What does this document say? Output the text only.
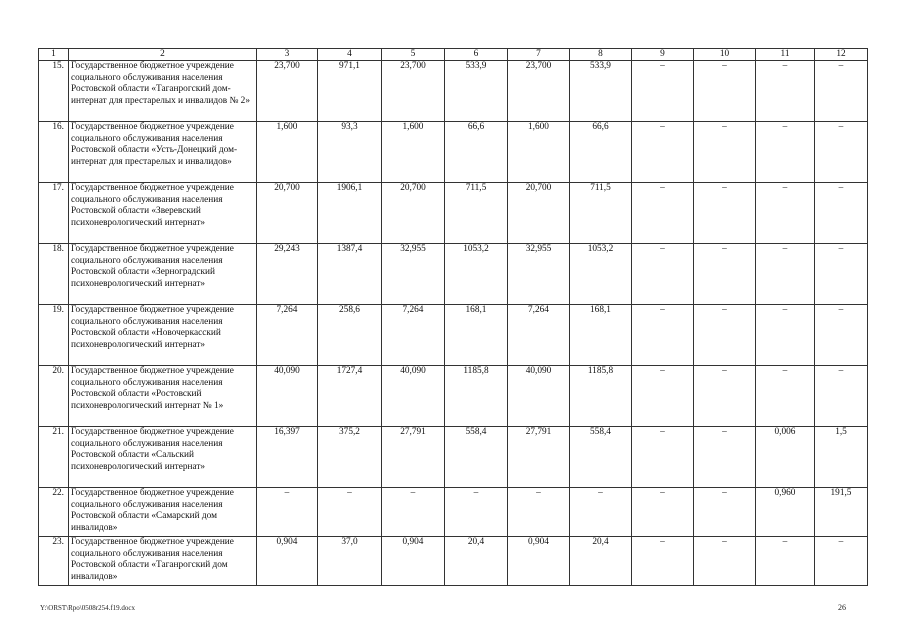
1	2	3	4	5	6	7	8	9	10	11	12
15.	Государственное бюджетное учреждение социального обслуживания населения Ростовской области «Таганрогский дом-интернат для престарелых и инвалидов № 2»	23,700	971,1	23,700	533,9	23,700	533,9	–	–	–	–
16.	Государственное бюджетное учреждение социального обслуживания населения Ростовской области «Усть-Донецкий дом-интернат для престарелых и инвалидов»	1,600	93,3	1,600	66,6	1,600	66,6	–	–	–	–
17.	Государственное бюджетное учреждение социального обслуживания населения Ростовской области «Зверевский психоневрологический интернат»	20,700	1906,1	20,700	711,5	20,700	711,5	–	–	–	–
18.	Государственное бюджетное учреждение социального обслуживания населения Ростовской области «Зерноградский психоневрологический интернат»	29,243	1387,4	32,955	1053,2	32,955	1053,2	–	–	–	–
19.	Государственное бюджетное учреждение социального обслуживания населения Ростовской области «Новочеркасский психоневрологический интернат»	7,264	258,6	7,264	168,1	7,264	168,1	–	–	–	–
20.	Государственное бюджетное учреждение социального обслуживания населения Ростовской области «Ростовский психоневрологический интернат № 1»	40,090	1727,4	40,090	1185,8	40,090	1185,8	–	–	–	–
21.	Государственное бюджетное учреждение социального обслуживания населения Ростовской области «Сальский психоневрологический интернат»	16,397	375,2	27,791	558,4	27,791	558,4	–	–	0,006	1,5
22.	Государственное бюджетное учреждение социального обслуживания населения Ростовской области «Самарский дом инвалидов»	–	–	–	–	–	–	–	–	0,960	191,5
23.	Государственное бюджетное учреждение социального обслуживания населения Ростовской области «Таганрогский дом инвалидов»	0,904	37,0	0,904	20,4	0,904	20,4	–	–	–	–
Y:\ORST\Rpo\0508r254.f19.docx	26
